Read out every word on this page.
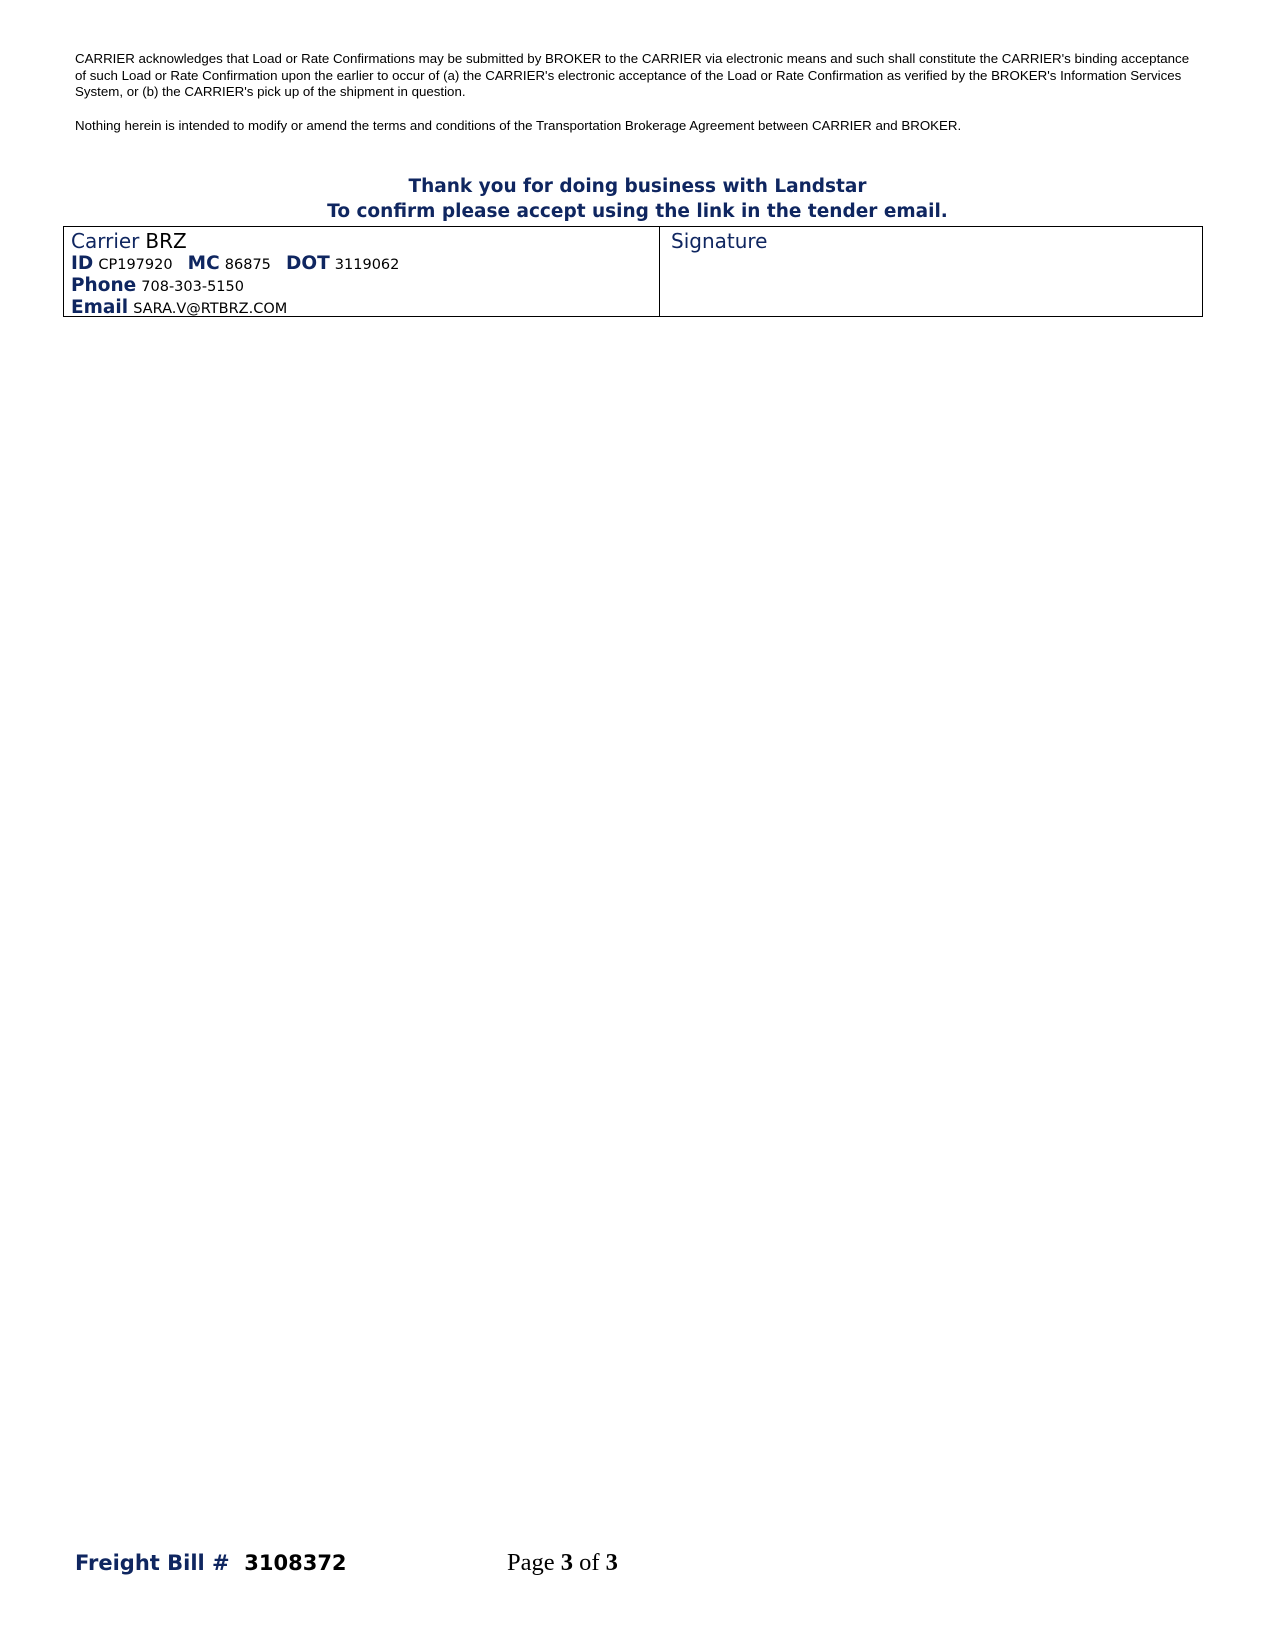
CARRIER acknowledges that Load or Rate Confirmations may be submitted by BROKER to the CARRIER via electronic means and such shall constitute the CARRIER's binding acceptance of such Load or Rate Confirmation upon the earlier to occur of (a) the CARRIER's electronic acceptance of the Load or Rate Confirmation as verified by the BROKER's Information Services System, or (b) the CARRIER's pick up of the shipment in question.
Nothing herein is intended to modify or amend the terms and conditions of the Transportation Brokerage Agreement between CARRIER and BROKER.
Thank you for doing business with Landstar
To confirm please accept using the link in the tender email.
Carrier BRZ
ID CP197920 MC 86875 DOT 3119062
Phone 708-303-5150
Email SARA.V@RTBRZ.COM
Signature
Freight Bill # 3108372	Page 3 of 3
